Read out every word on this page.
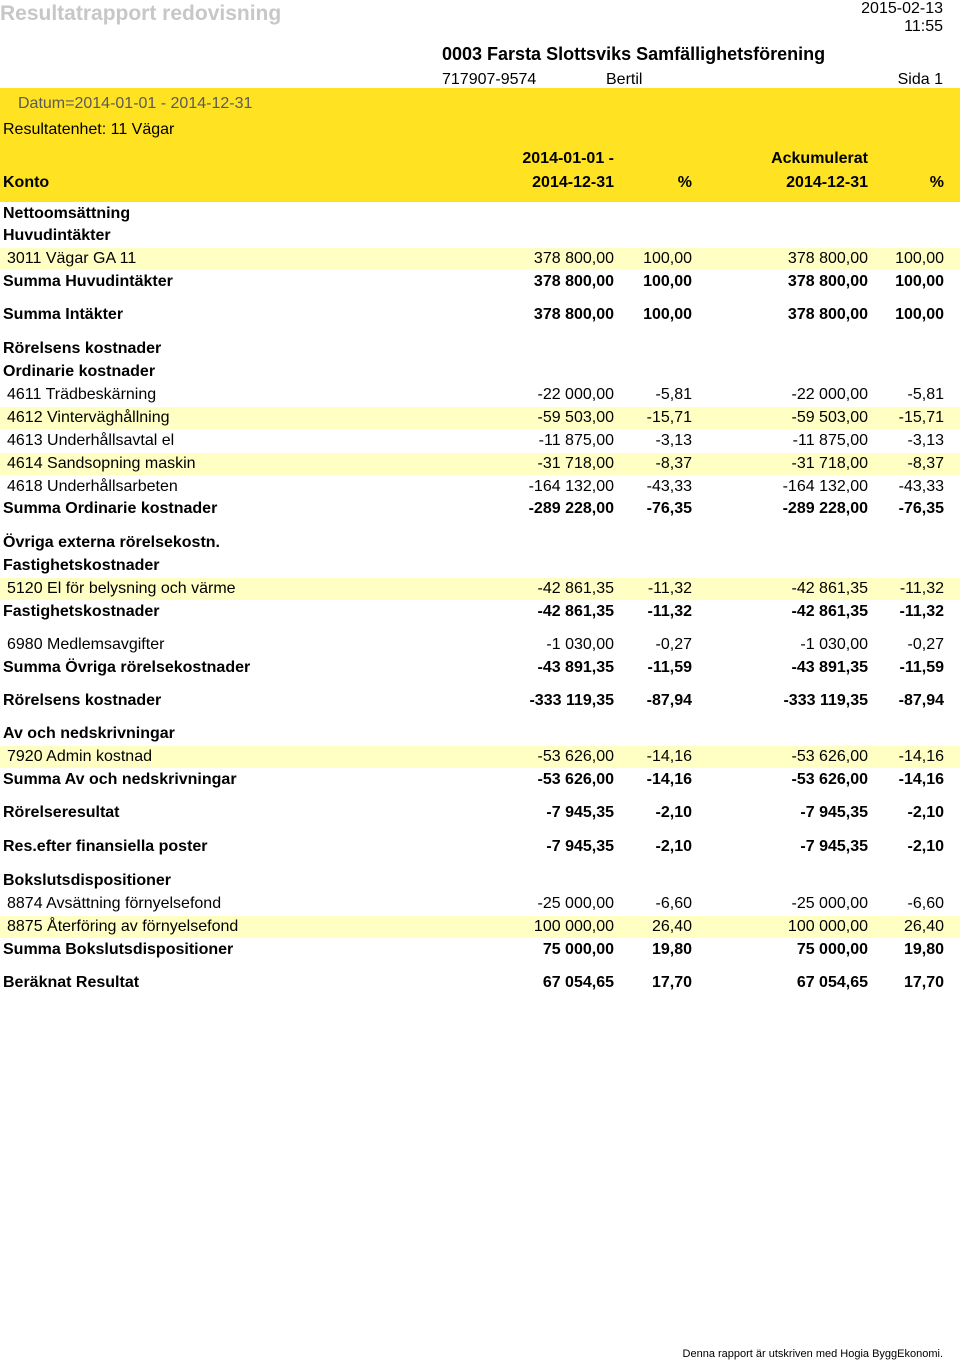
Resultatrapport redovisning	2015-02-13
11:55
0003 Farsta Slottsviks Samfällighetsförening
717907-9574	Bertil	Sida 1
Datum=2014-01-01 - 2014-12-31
Resultatenhet: 11 Vägar
Konto
2014-01-01 -
2014-12-31	%
Ackumulerat
2014-12-31	%
Nettoomsättning
Huvudintäkter
3011 Vägar GA 11	378 800,00 100,00	378 800,00 100,00
Summa Huvudintäkter	378 800,00 100,00	378 800,00 100,00
Summa Intäkter	378 800,00 100,00	378 800,00 100,00
Rörelsens kostnader
Ordinarie kostnader
4611 Trädbeskärning	-22 000,00	-5,81	-22 000,00 -5,81
4612 Vinterväghållning	-59 503,00 -15,71	-59 503,00 -15,71
4613 Underhållsavtal el	-11 875,00	-3,13	-11 875,00 -3,13
4614 Sandsopning maskin	-31 718,00	-8,37	-31 718,00 -8,37
4618 Underhållsarbeten	-164 132,00 -43,33	-164 132,00 -43,33
Summa Ordinarie kostnader	-289 228,00 -76,35	-289 228,00 -76,35
Övriga externa rörelsekostn.
Fastighetskostnader
5120 El för belysning och värme	-42 861,35 -11,32	-42 861,35 -11,32
Fastighetskostnader	-42 861,35 -11,32	-42 861,35 -11,32
6980 Medlemsavgifter	-1 030,00	-0,27	-1 030,00 -0,27
Summa Övriga rörelsekostnader	-43 891,35 -11,59	-43 891,35 -11,59
Rörelsens kostnader	-333 119,35 -87,94	-333 119,35 -87,94
Av och nedskrivningar
7920 Admin kostnad	-53 626,00 -14,16	-53 626,00 -14,16
Summa Av och nedskrivningar	-53 626,00 -14,16	-53 626,00 -14,16
Rörelseresultat	-7 945,35	-2,10	-7 945,35 -2,10
Res.efter finansiella poster	-7 945,35	-2,10	-7 945,35 -2,10
Bokslutsdispositioner
8874 Avsättning förnyelsefond	-25 000,00	-6,60	-25 000,00 -6,60
8875 Återföring av förnyelsefond	100 000,00 26,40	100 000,00 26,40
Summa Bokslutsdispositioner	75 000,00 19,80	75 000,00 19,80
Beräknat Resultat	67 054,65 17,70	67 054,65 17,70
Denna rapport är utskriven med Hogia ByggEkonomi.
